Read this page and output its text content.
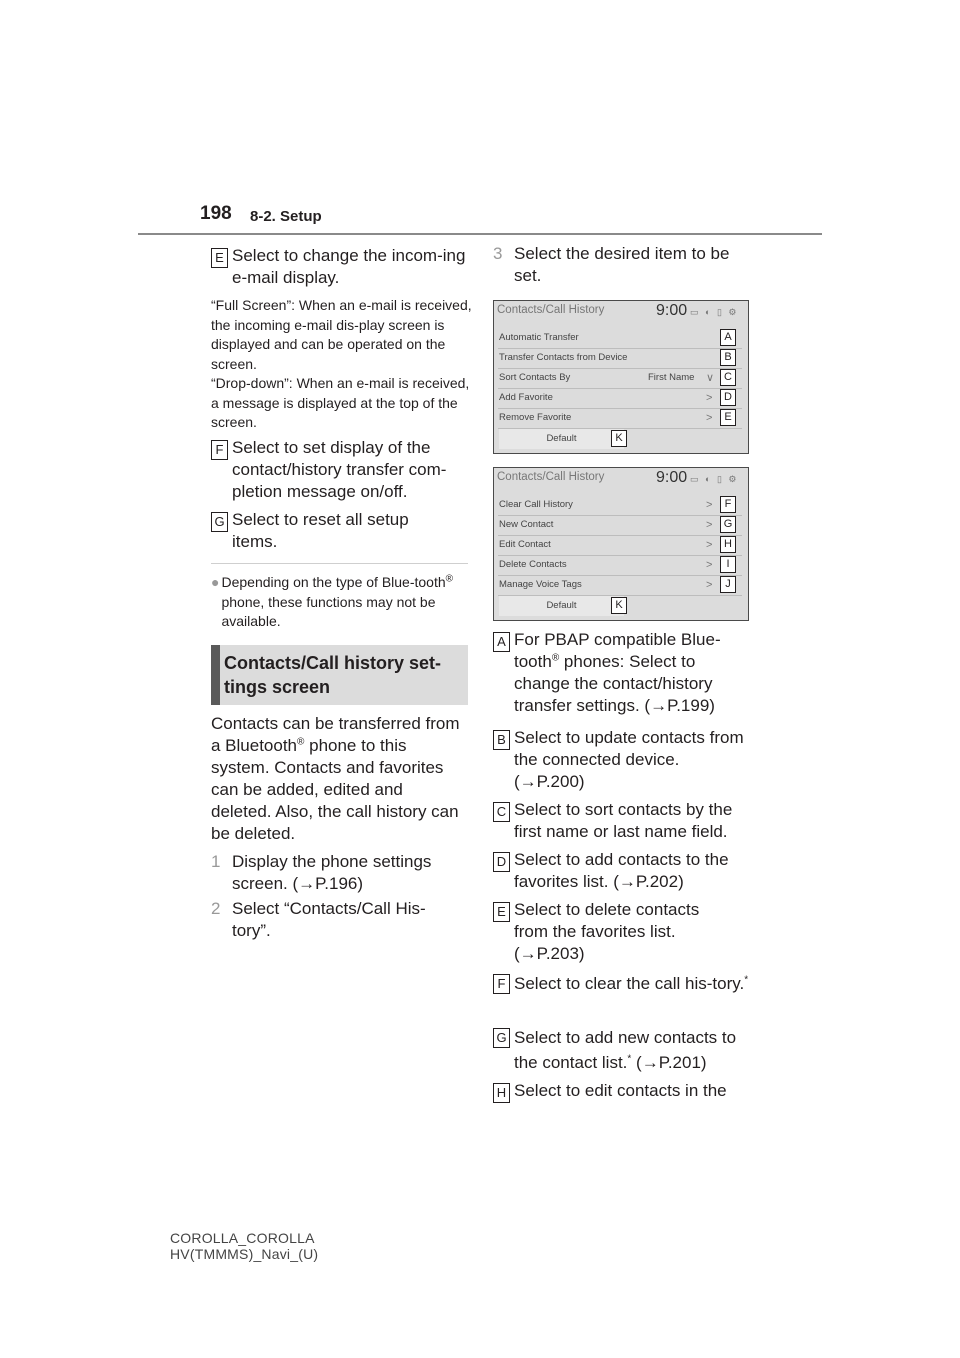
198 8-2. Setup
E Select to change the incom-ing e-mail display.
“Full Screen”: When an e-mail is received, the incoming e-mail dis-play screen is displayed and can be operated on the screen.
“Drop-down”: When an e-mail is received, a message is displayed at the top of the screen.
F Select to set display of the contact/history transfer com-pletion message on/off.
G Select to reset all setup items.
● Depending on the type of Blue-tooth® phone, these functions may not be available.
Contacts/Call history set-tings screen
Contacts can be transferred from a Bluetooth® phone to this system. Contacts and favorites can be added, edited and deleted. Also, the call history can be deleted.
1 Display the phone settings screen. (→P.196)
2 Select “Contacts/Call His-tory”.
3 Select the desired item to be set.
Contacts/Call History	9:00 ▭ ◐ ▯ ⚙
Automatic Transfer	A
Transfer Contacts from Device	B
Sort Contacts By	First Name ∨ C
Add Favorite	>	D
Remove Favorite	>	E
Default	K
Contacts/Call History	9:00 ▭ ◐ ▯ ⚙
Clear Call History	>	F
New Contact	>	G
Edit Contact	>	H
Delete Contacts	>	I
Manage Voice Tags	>	J
Default	K
A For PBAP compatible Blue-tooth® phones: Select to change the contact/history transfer settings. (→P.199)
B Select to update contacts from the connected device. (→P.200)
C Select to sort contacts by the first name or last name field.
D Select to add contacts to the favorites list. (→P.202)
E Select to delete contacts from the favorites list. (→P.203)
F Select to clear the call his-tory.*
G Select to add new contacts to the contact list.* (→P.201)
H Select to edit contacts in the
COROLLA_COROLLA
HV(TMMMS)_Navi_(U)
